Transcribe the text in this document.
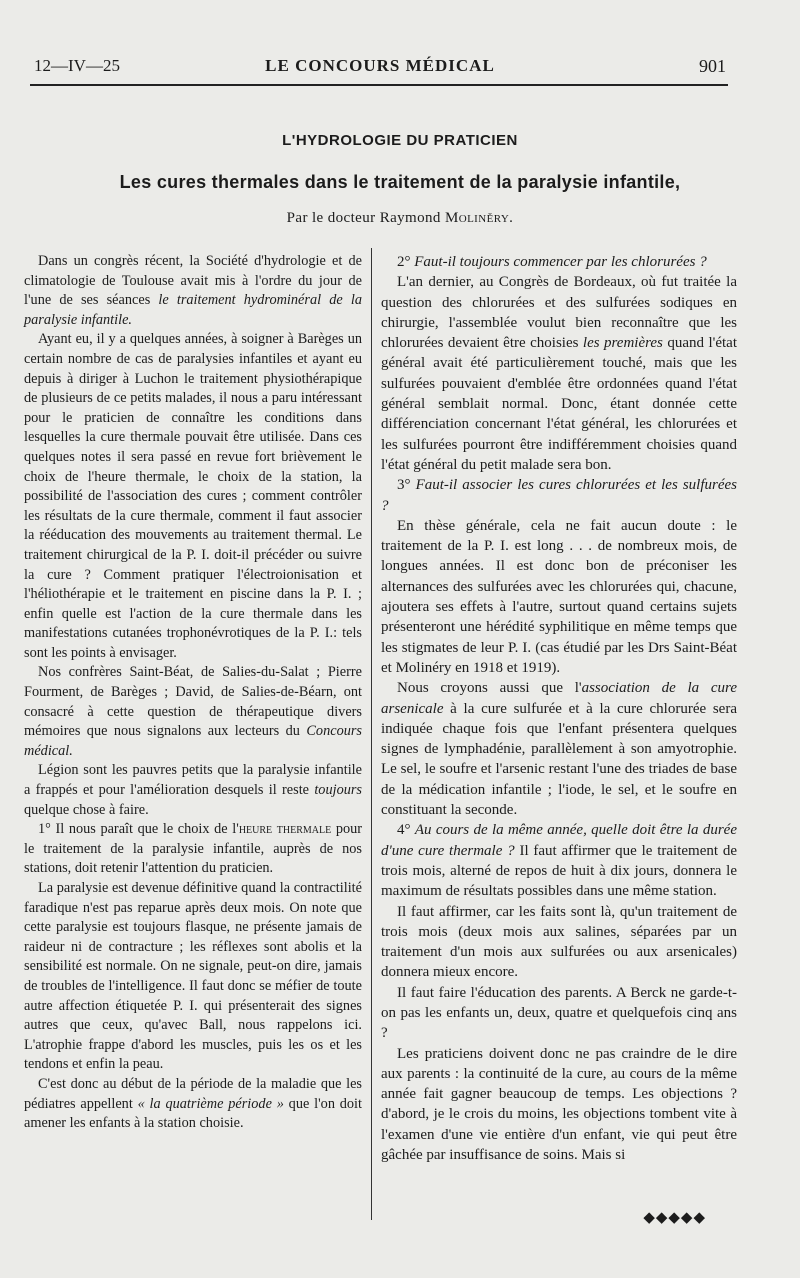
12—IV—25	LE CONCOURS MÉDICAL	901
L'HYDROLOGIE DU PRATICIEN
Les cures thermales dans le traitement de la paralysie infantile,
Par le docteur Raymond Moliněry.

Dans un congrès récent, la Société d'hydrologie et de climatologie de Toulouse avait mis à l'ordre du jour de l'une de ses séances le traitement hydrominéral de la paralysie infantile.

Ayant eu, il y a quelques années, à soigner à Barèges un certain nombre de cas de paralysies infantiles et ayant eu depuis à diriger à Luchon le traitement physiothérapique de plusieurs de ce petits malades, il nous a paru intéressant pour le praticien de connaître les conditions dans lesquelles la cure thermale pouvait être utilisée. Dans ces quelques notes il sera passé en revue fort brièvement le choix de l'heure thermale, le choix de la station, la possibilité de l'association des cures ; comment contrôler les résultats de la cure thermale, comment il faut associer la rééducation des mouvements au traitement thermal. Le traitement chirurgical de la P. I. doit-il précéder ou suivre la cure ? Comment pratiquer l'électroionisation et l'héliothérapie et le traitement en piscine dans la P. I. ; enfin quelle est l'action de la cure thermale dans les manifestations cutanées trophonévrotiques de la P. I.: tels sont les points à envisager.

Nos confrères Saint-Béat, de Salies-du-Salat ; Pierre Fourment, de Barèges ; David, de Salies-de-Béarn, ont consacré à cette question de thérapeutique divers mémoires que nous signalons aux lecteurs du Concours médical.

Légion sont les pauvres petits que la paralysie infantile a frappés et pour l'amélioration desquels il reste toujours quelque chose à faire.

1° Il nous paraît que le choix de l'heure thermale pour le traitement de la paralysie infantile, auprès de nos stations, doit retenir l'attention du praticien.

La paralysie est devenue définitive quand la contractilité faradique n'est pas reparue après deux mois. On note que cette paralysie est toujours flasque, ne présente jamais de raideur ni de contracture ; les réflexes sont abolis et la sensibilité est normale. On ne signale, peut-on dire, jamais de troubles de l'intelligence. Il faut donc se méfier de toute autre affection étiquetée P. I. qui présenterait des signes autres que ceux, qu'avec Ball, nous rappelons ici. L'atrophie frappe d'abord les muscles, puis les os et les tendons et enfin la peau.

C'est donc au début de la période de la maladie que les pédiatres appellent « la quatrième période » que l'on doit amener les enfants à la station choisie.

2° Faut-il toujours commencer par les chlorurées ?

L'an dernier, au Congrès de Bordeaux, où fut traitée la question des chlorurées et des sulfurées sodiques en chirurgie, l'assemblée voulut bien reconnaître que les chlorurées devaient être choisies les premières quand l'état général avait été particulièrement touché, mais que les sulfurées pouvaient d'emblée être ordonnées quand l'état général semblait normal. Donc, étant donnée cette différenciation concernant l'état général, les chlorurées et les sulfurées pourront être indifféremment choisies quand l'état général du petit malade sera bon.

3° Faut-il associer les cures chlorurées et les sulfurées ?

En thèse générale, cela ne fait aucun doute : le traitement de la P. I. est long . . . de nombreux mois, de longues années. Il est donc bon de préconiser les alternances des sulfurées avec les chlorurées qui, chacune, ajoutera ses effets à l'autre, surtout quand certains sujets présenteront une hérédité syphilitique en même temps que les stigmates de leur P. I. (cas étudié par les Drs Saint-Béat et Molinéry en 1918 et 1919).

Nous croyons aussi que l'association de la cure arsenicale à la cure sulfurée et à la cure chlorurée sera indiquée chaque fois que l'enfant présentera quelques signes de lymphadénie, parallèlement à son amyotrophie. Le sel, le soufre et l'arsenic restant l'une des triades de base de la médication infantile ; l'iode, le sel, et le soufre en constituant la seconde.

4° Au cours de la même année, quelle doit être la durée d'une cure thermale ? Il faut affirmer que le traitement de trois mois, alterné de repos de huit à dix jours, donnera le maximum de résultats possibles dans une même station.

Il faut affirmer, car les faits sont là, qu'un traitement de trois mois (deux mois aux salines, séparées par un traitement d'un mois aux sulfurées ou aux arsenicales) donnera mieux encore.

Il faut faire l'éducation des parents. A Berck ne garde-t-on pas les enfants un, deux, quatre et quelquefois cinq ans ?

Les praticiens doivent donc ne pas craindre de le dire aux parents : la continuité de la cure, au cours de la même année fait gagner beaucoup de temps. Les objections ? d'abord, je le crois du moins, les objections tombent vite à l'examen d'une vie entière d'un enfant, vie qui peut être gâchée par insuffisance de soins. Mais si

◆◆◆◆◆
